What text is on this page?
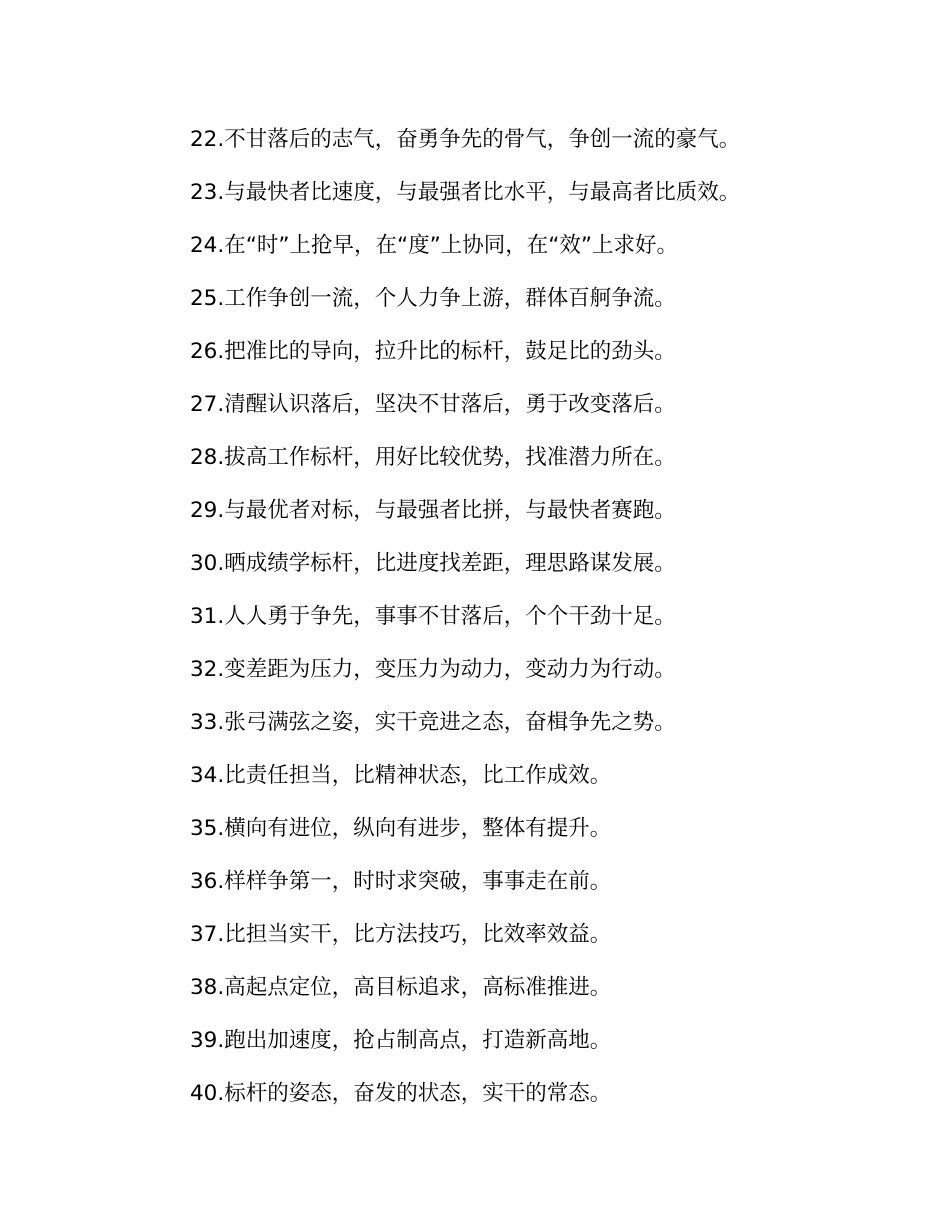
22.不甘落后的志气，奋勇争先的骨气，争创一流的豪气。
23.与最快者比速度，与最强者比水平，与最高者比质效。
24.在“时”上抢早，在“度”上协同，在“效”上求好。
25.工作争创一流，个人力争上游，群体百舸争流。
26.把准比的导向，拉升比的标杆，鼓足比的劲头。
27.清醒认识落后，坚决不甘落后，勇于改变落后。
28.拔高工作标杆，用好比较优势，找准潜力所在。
29.与最优者对标，与最强者比拼，与最快者赛跑。
30.晒成绩学标杆，比进度找差距，理思路谋发展。
31.人人勇于争先，事事不甘落后，个个干劲十足。
32.变差距为压力，变压力为动力，变动力为行动。
33.张弓满弦之姿，实干竞进之态，奋楫争先之势。
34.比责任担当，比精神状态，比工作成效。
35.横向有进位，纵向有进步，整体有提升。
36.样样争第一，时时求突破，事事走在前。
37.比担当实干，比方法技巧，比效率效益。
38.高起点定位，高目标追求，高标准推进。
39.跑出加速度，抢占制高点，打造新高地。
40.标杆的姿态，奋发的状态，实干的常态。
